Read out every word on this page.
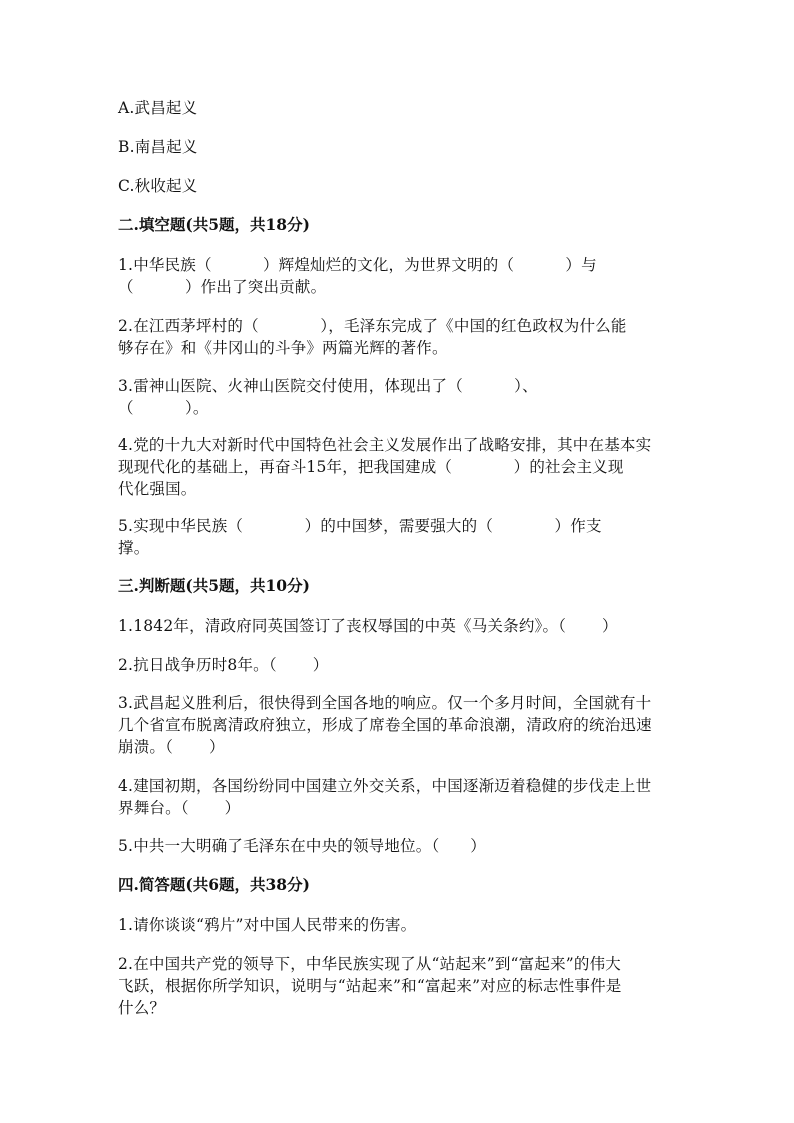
A.武昌起义
B.南昌起义
C.秋收起义
二.填空题(共5题，共18分)
1.中华民族（          ）辉煌灿烂的文化，为世界文明的（          ）与
（          ）作出了突出贡献。
2.在江西茅坪村的（            ），毛泽东完成了《中国的红色政权为什么能
够存在》和《井冈山的斗争》两篇光辉的著作。
3.雷神山医院、火神山医院交付使用，体现出了（          ）、
（          ）。
4.党的十九大对新时代中国特色社会主义发展作出了战略安排，其中在基本实
现现代化的基础上，再奋斗15年，把我国建成（            ）的社会主义现
代化强国。
5.实现中华民族（            ）的中国梦，需要强大的（            ）作支
撑。
三.判断题(共5题，共10分)
1.1842年，清政府同英国签订了丧权辱国的中英《马关条约》。（       ）
2.抗日战争历时8年。（       ）
3.武昌起义胜利后，很快得到全国各地的响应。仅一个多月时间，全国就有十
几个省宣布脱离清政府独立，形成了席卷全国的革命浪潮，清政府的统治迅速
崩溃。（       ）
4.建国初期，各国纷纷同中国建立外交关系，中国逐渐迈着稳健的步伐走上世
界舞台。（       ）
5.中共一大明确了毛泽东在中央的领导地位。（      ）
四.简答题(共6题，共38分)
1.请你谈谈“鸦片”对中国人民带来的伤害。
2.在中国共产党的领导下，中华民族实现了从“站起来”到“富起来”的伟大
飞跃，根据你所学知识，说明与“站起来”和“富起来”对应的标志性事件是
什么？
